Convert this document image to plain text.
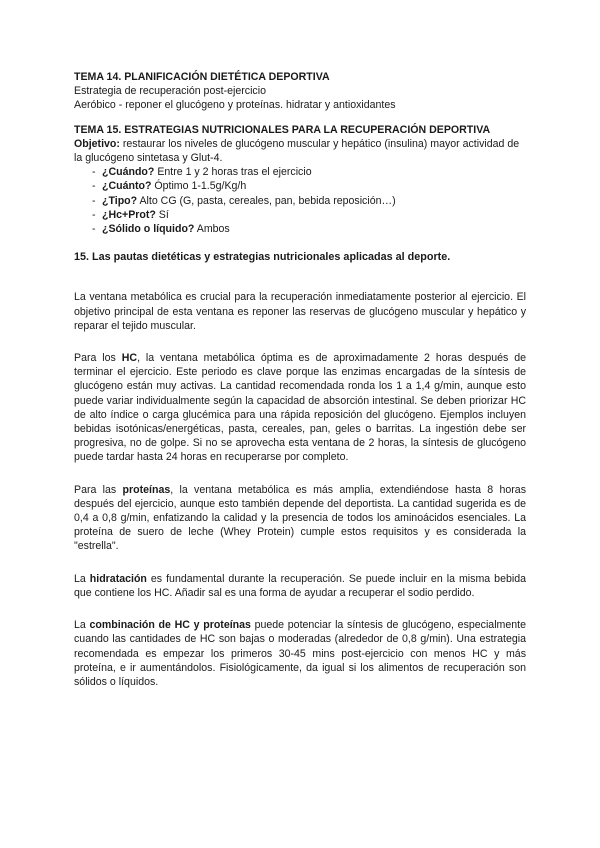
TEMA 14. PLANIFICACIÓN DIETÉTICA DEPORTIVA
Estrategia de recuperación post-ejercicio
Aeróbico - reponer el glucógeno y proteínas. hidratar y antioxidantes
TEMA 15. ESTRATEGIAS NUTRICIONALES PARA LA RECUPERACIÓN DEPORTIVA
Objetivo: restaurar los niveles de glucógeno muscular y hepático (insulina) mayor actividad de la glucógeno sintetasa y Glut-4.
- ¿Cuándo? Entre 1 y 2 horas tras el ejercicio
- ¿Cuánto? Óptimo 1-1.5g/Kg/h
- ¿Tipo? Alto CG (G, pasta, cereales, pan, bebida reposición…)
- ¿Hc+Prot? Sí
- ¿Sólido o líquido? Ambos
15. Las pautas dietéticas y estrategias nutricionales aplicadas al deporte.

La ventana metabólica es crucial para la recuperación inmediatamente posterior al ejercicio. El objetivo principal de esta ventana es reponer las reservas de glucógeno muscular y hepático y reparar el tejido muscular.

Para los HC, la ventana metabólica óptima es de aproximadamente 2 horas después de terminar el ejercicio. Este periodo es clave porque las enzimas encargadas de la síntesis de glucógeno están muy activas. La cantidad recomendada ronda los 1 a 1,4 g/min, aunque esto puede variar individualmente según la capacidad de absorción intestinal. Se deben priorizar HC de alto índice o carga glucémica para una rápida reposición del glucógeno. Ejemplos incluyen bebidas isotónicas/energéticas, pasta, cereales, pan, geles o barritas. La ingestión debe ser progresiva, no de golpe. Si no se aprovecha esta ventana de 2 horas, la síntesis de glucógeno puede tardar hasta 24 horas en recuperarse por completo.

Para las proteínas, la ventana metabólica es más amplia, extendiéndose hasta 8 horas después del ejercicio, aunque esto también depende del deportista. La cantidad sugerida es de 0,4 a 0,8 g/min, enfatizando la calidad y la presencia de todos los aminoácidos esenciales. La proteína de suero de leche (Whey Protein) cumple estos requisitos y es considerada la "estrella".

La hidratación es fundamental durante la recuperación. Se puede incluir en la misma bebida que contiene los HC. Añadir sal es una forma de ayudar a recuperar el sodio perdido.

La combinación de HC y proteínas puede potenciar la síntesis de glucógeno, especialmente cuando las cantidades de HC son bajas o moderadas (alrededor de 0,8 g/min). Una estrategia recomendada es empezar los primeros 30-45 mins post-ejercicio con menos HC y más proteína, e ir aumentándolos. Fisiológicamente, da igual si los alimentos de recuperación son sólidos o líquidos.
